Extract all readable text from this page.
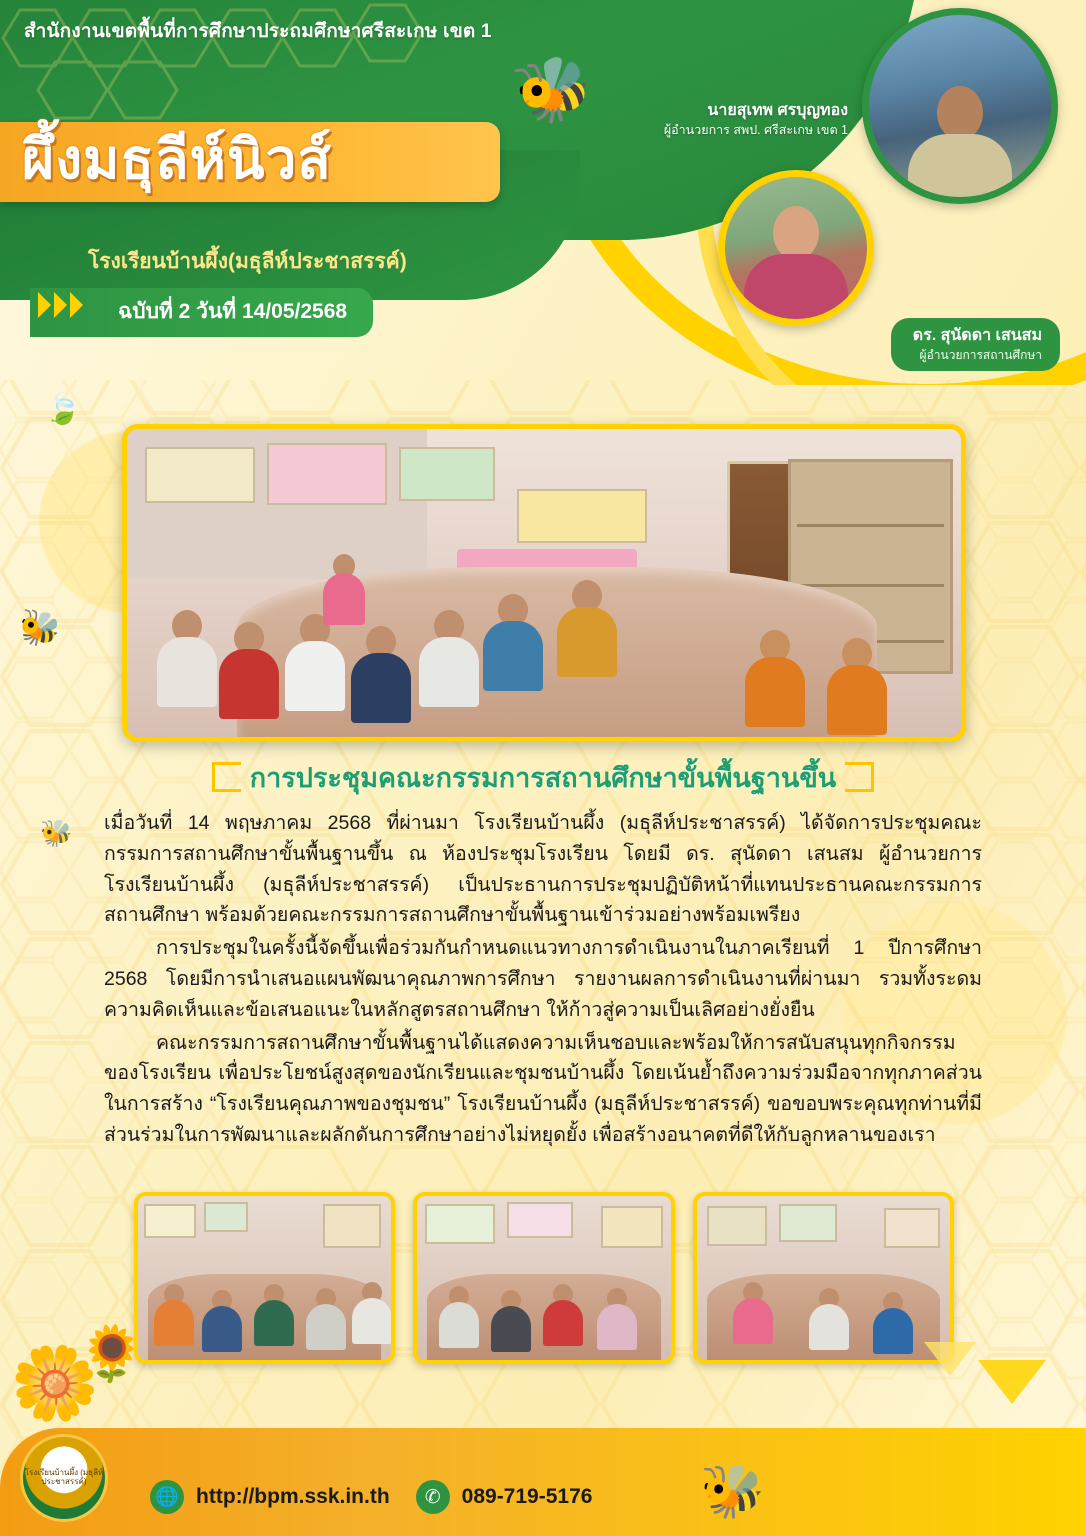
สำนักงานเขตพื้นที่การศึกษาประถมศึกษาศรีสะเกษ เขต 1
ผึ้งมธุลีห์นิวส์
โรงเรียนบ้านผึ้ง(มธุลีห์ประชาสรรค์)
ฉบับที่ 2 วันที่ 14/05/2568
🐝	นายสุเทพ ศรบุญทอง
ผู้อำนวยการ สพป. ศรีสะเกษ เขต 1
ดร. สุนัดดา เสนสม
ผู้อำนวยการสถานศึกษา
🍃
🐝
🐝
การประชุมคณะกรรมการสถานศึกษาขั้นพื้นฐานขึ้น

เมื่อวันที่ 14 พฤษภาคม 2568 ที่ผ่านมา โรงเรียนบ้านผึ้ง (มธุลีห์ประชาสรรค์) ได้จัดการประชุมคณะกรรมการสถานศึกษาขั้นพื้นฐานขึ้น ณ ห้องประชุมโรงเรียน โดยมี ดร. สุนัดดา เสนสม ผู้อำนวยการโรงเรียนบ้านผึ้ง (มธุลีห์ประชาสรรค์) เป็นประธานการประชุมปฏิบัติหน้าที่แทนประธานคณะกรรมการสถานศึกษา พร้อมด้วยคณะกรรมการสถานศึกษาขั้นพื้นฐานเข้าร่วมอย่างพร้อมเพรียง

การประชุมในครั้งนี้จัดขึ้นเพื่อร่วมกันกำหนดแนวทางการดำเนินงานในภาคเรียนที่ 1 ปีการศึกษา 2568 โดยมีการนำเสนอแผนพัฒนาคุณภาพการศึกษา รายงานผลการดำเนินงานที่ผ่านมา รวมทั้งระดมความคิดเห็นและข้อเสนอแนะในหลักสูตรสถานศึกษา ให้ก้าวสู่ความเป็นเลิศอย่างยั่งยืน

คณะกรรมการสถานศึกษาขั้นพื้นฐานได้แสดงความเห็นชอบและพร้อมให้การสนับสนุนทุกกิจกรรมของโรงเรียน เพื่อประโยชน์สูงสุดของนักเรียนและชุมชนบ้านผึ้ง โดยเน้นย้ำถึงความร่วมมือจากทุกภาคส่วนในการสร้าง “โรงเรียนคุณภาพของชุมชน” โรงเรียนบ้านผึ้ง (มธุลีห์ประชาสรรค์) ขอขอบพระคุณทุกท่านที่มีส่วนร่วมในการพัฒนาและผลักดันการศึกษาอย่างไม่หยุดยั้ง เพื่อสร้างอนาคตที่ดีให้กับลูกหลานของเรา

🌼
🌻
🐝
โรงเรียนบ้านผึ้ง (มธุลีห์ประชาสรรค์)
🌐 http://bpm.ssk.in.th	✆	089-719-5176
